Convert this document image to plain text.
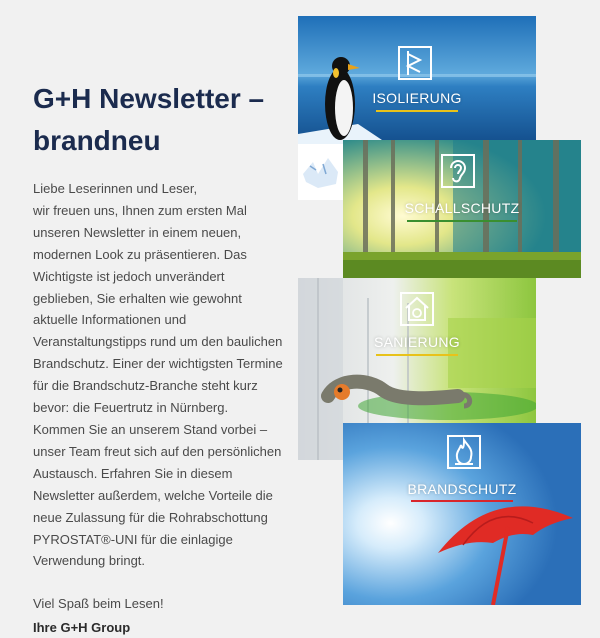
G+H Newsletter – brandneu

Liebe Leserinnen und Leser,
wir freuen uns, Ihnen zum ersten Mal unseren Newsletter in einem neuen, modernen Look zu präsentieren. Das Wichtigste ist jedoch unverändert geblieben, Sie erhalten wie gewohnt aktuelle Informationen und Veranstaltungstipps rund um den baulichen Brandschutz. Einer der wichtigsten Termine für die Brandschutz-Branche steht kurz bevor: die Feuertrutz in Nürnberg. Kommen Sie an unserem Stand vorbei – unser Team freut sich auf den persönlichen Austausch. Erfahren Sie in diesem Newsletter außerdem, welche Vorteile die neue Zulassung für die Rohrabschottung PYROSTAT®-UNI für die einlagige Verwendung bringt.

Viel Spaß beim Lesen!

Ihre G+H Group

ISOLIERUNG
SCHALLSCHUTZ
SANIERUNG
BRANDSCHUTZ
